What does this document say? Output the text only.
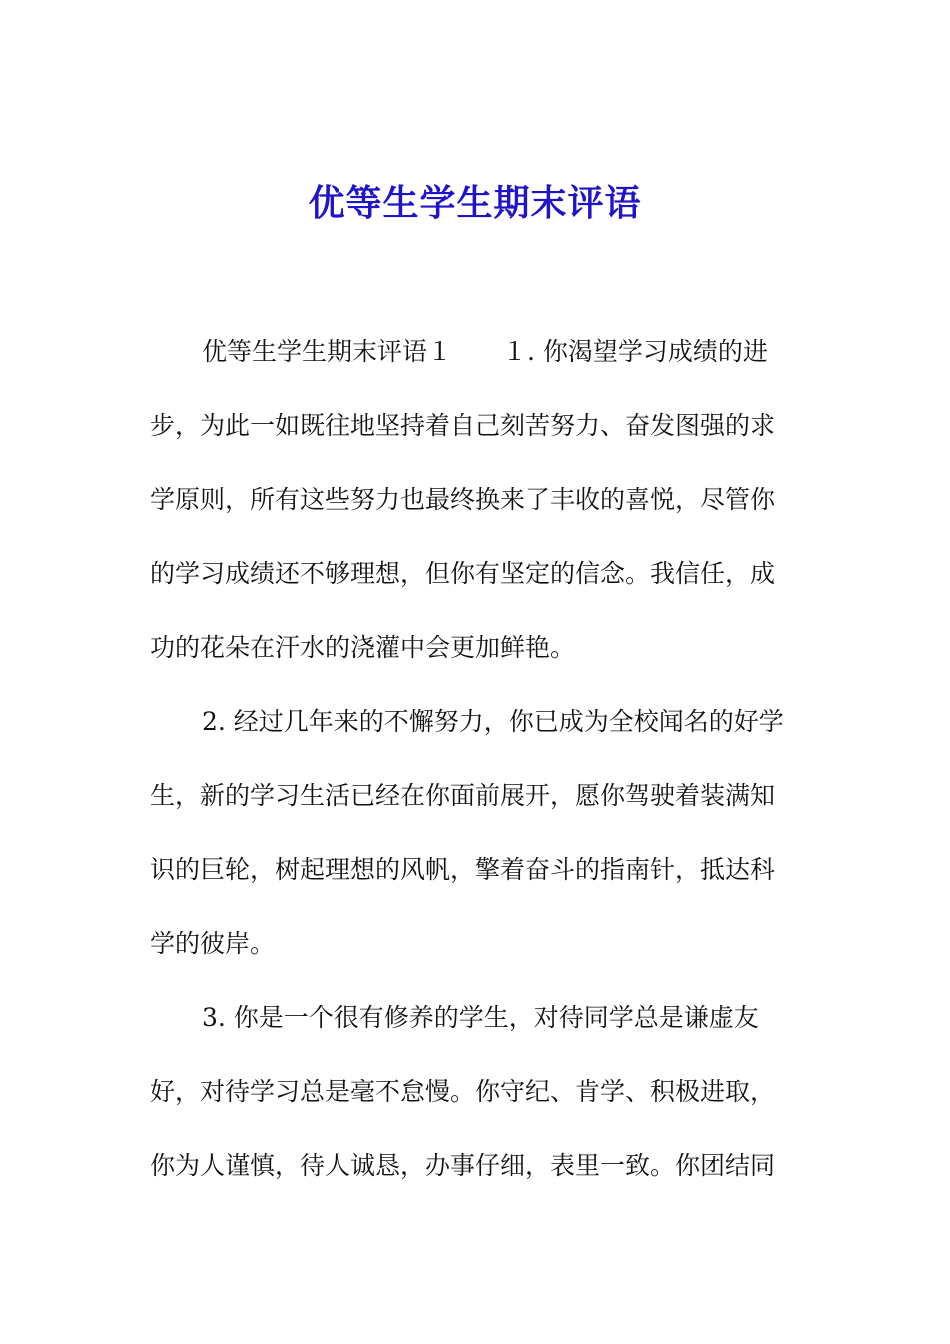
优等生学生期末评语

优等生学生期末评语１　　１. 你渴望学习成绩的进

步，为此一如既往地坚持着自己刻苦努力、奋发图强的求

学原则，所有这些努力也最终换来了丰收的喜悦，尽管你

的学习成绩还不够理想，但你有坚定的信念。我信任，成

功的花朵在汗水的浇灌中会更加鲜艳。

2. 经过几年来的不懈努力，你已成为全校闻名的好学

生，新的学习生活已经在你面前展开，愿你驾驶着装满知

识的巨轮，树起理想的风帆，擎着奋斗的指南针，抵达科

学的彼岸。

3. 你是一个很有修养的学生，对待同学总是谦虚友

好，对待学习总是毫不怠慢。你守纪、肯学、积极进取，

你为人谨慎，待人诚恳，办事仔细，表里一致。你团结同
